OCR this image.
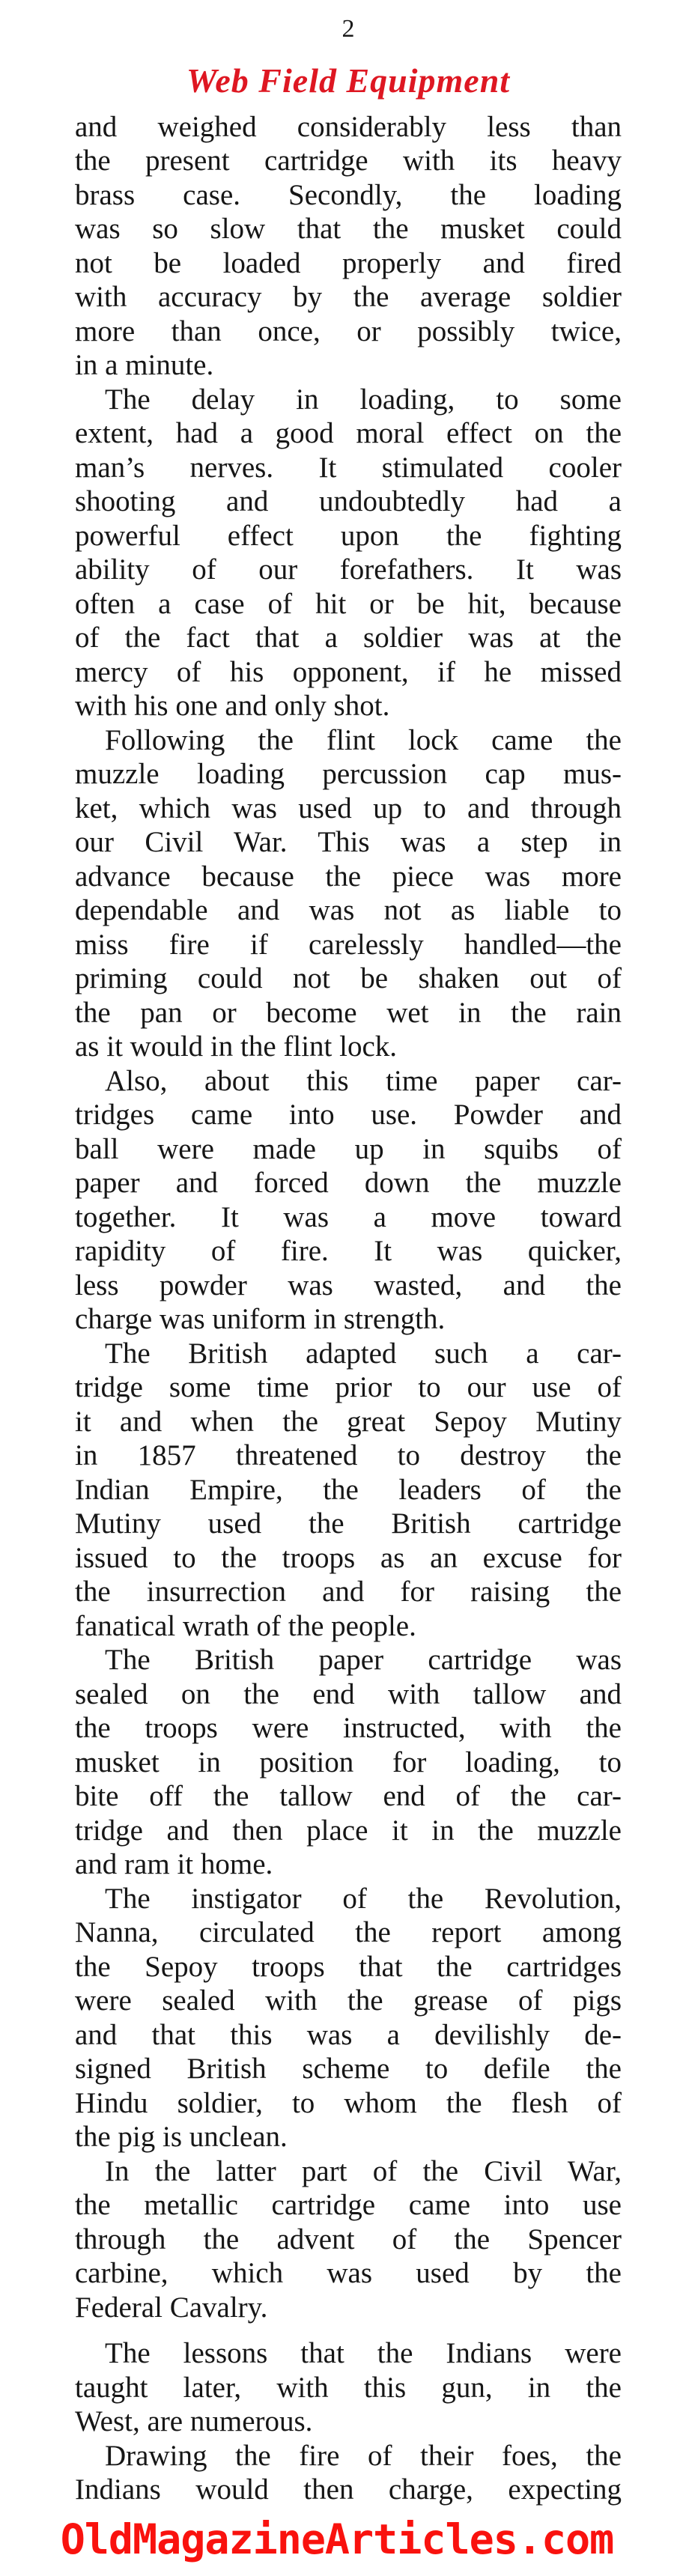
2
Web Field Equipment
and weighed considerably less than
the present cartridge with its heavy
brass case. Secondly, the loading
was so slow that the musket could
not be loaded properly and fired
with accuracy by the average soldier
more than once, or possibly twice,
in a minute.
The delay in loading, to some
extent, had a good moral effect on the
man’s nerves. It stimulated cooler
shooting and undoubtedly had a
powerful effect upon the fighting
ability of our forefathers. It was
often a case of hit or be hit, because
of the fact that a soldier was at the
mercy of his opponent, if he missed
with his one and only shot.
Following the flint lock came the
muzzle loading percussion cap mus-
ket, which was used up to and through
our Civil War. This was a step in
advance because the piece was more
dependable and was not as liable to
miss fire if carelessly handled—the
priming could not be shaken out of
the pan or become wet in the rain
as it would in the flint lock.
Also, about this time paper car-
tridges came into use. Powder and
ball were made up in squibs of
paper and forced down the muzzle
together. It was a move toward
rapidity of fire. It was quicker,
less powder was wasted, and the
charge was uniform in strength.
The British adapted such a car-
tridge some time prior to our use of
it and when the great Sepoy Mutiny
in 1857 threatened to destroy the
Indian Empire, the leaders of the
Mutiny used the British cartridge
issued to the troops as an excuse for
the insurrection and for raising the
fanatical wrath of the people.
The British paper cartridge was
sealed on the end with tallow and
the troops were instructed, with the
musket in position for loading, to
bite off the tallow end of the car-
tridge and then place it in the muzzle
and ram it home.
The instigator of the Revolution,
Nanna, circulated the report among
the Sepoy troops that the cartridges
were sealed with the grease of pigs
and that this was a devilishly de-
signed British scheme to defile the
Hindu soldier, to whom the flesh of
the pig is unclean.
In the latter part of the Civil War,
the metallic cartridge came into use
through the advent of the Spencer
carbine, which was used by the
Federal Cavalry.
The lessons that the Indians were
taught later, with this gun, in the
West, are numerous.
Drawing the fire of their foes, the
Indians would then charge, expecting
OldMagazineArticles.com
